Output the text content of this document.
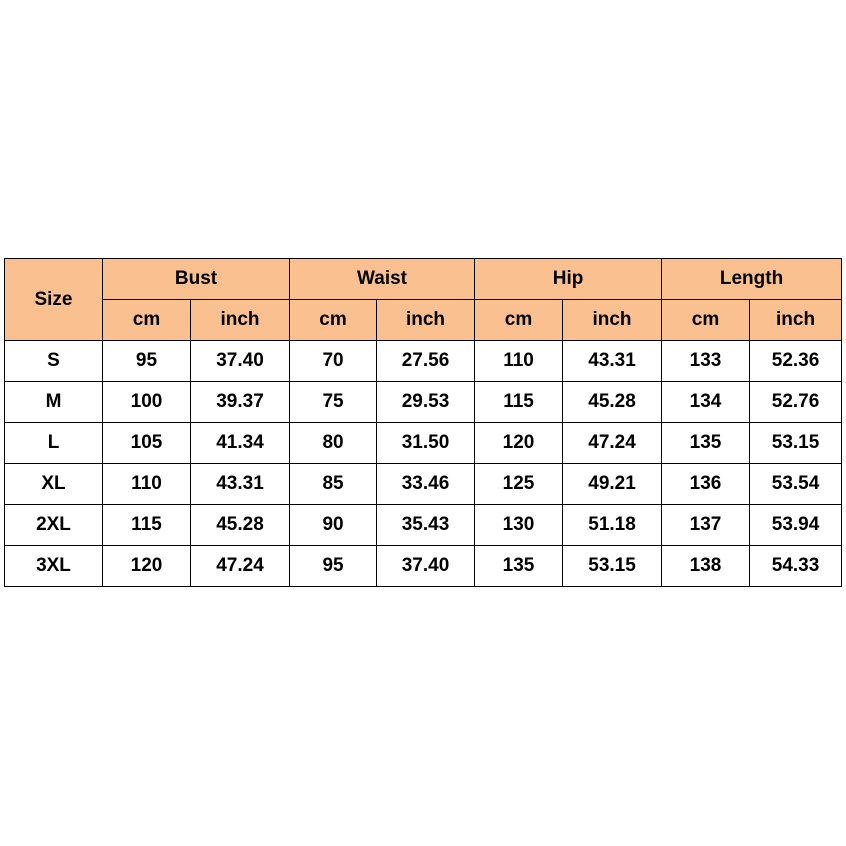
Size	Bust		Waist		Hip		Length	
	cm	inch	cm	inch	cm	inch	cm	inch
S	95	37.40	70	27.56	110	43.31	133	52.36
M	100	39.37	75	29.53	115	45.28	134	52.76
L	105	41.34	80	31.50	120	47.24	135	53.15
XL	110	43.31	85	33.46	125	49.21	136	53.54
2XL	115	45.28	90	35.43	130	51.18	137	53.94
3XL	120	47.24	95	37.40	135	53.15	138	54.33
